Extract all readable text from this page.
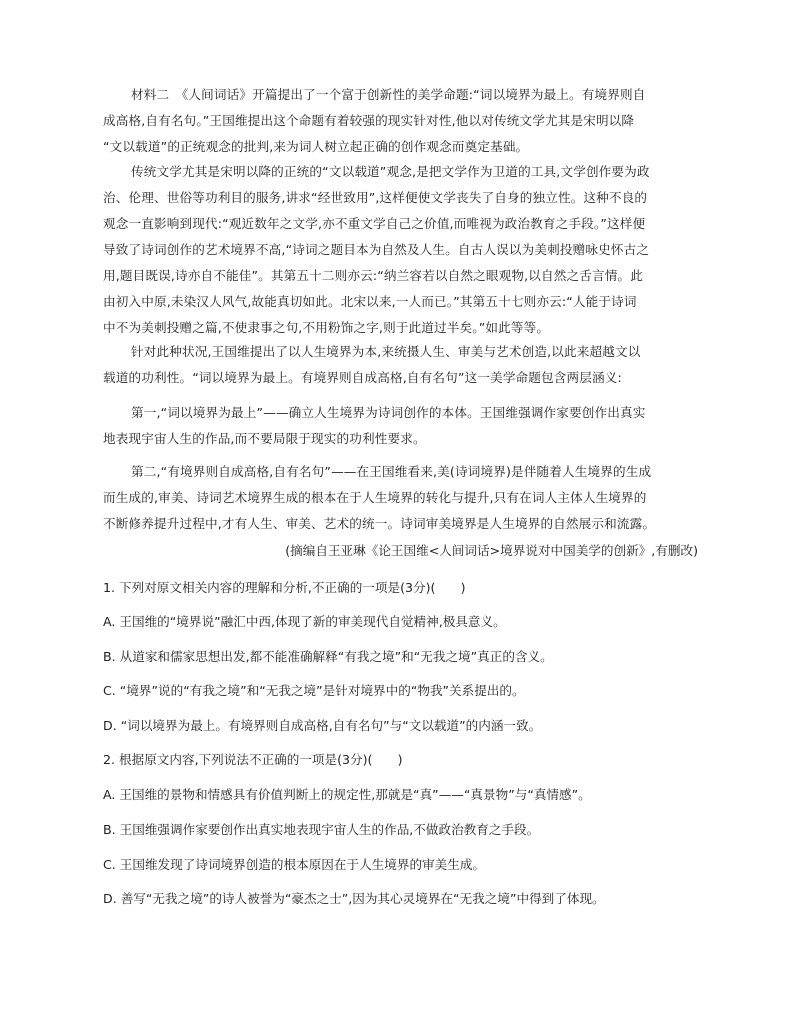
材料二　《人间词话》开篇提出了一个富于创新性的美学命题:“词以境界为最上。有境界则自
成高格,自有名句。”王国维提出这个命题有着较强的现实针对性,他以对传统文学尤其是宋明以降
“文以载道”的正统观念的批判,来为词人树立起正确的创作观念而奠定基础。
传统文学尤其是宋明以降的正统的“文以载道”观念,是把文学作为卫道的工具,文学创作要为政
治、伦理、世俗等功利目的服务,讲求“经世致用”,这样便使文学丧失了自身的独立性。这种不良的
观念一直影响到现代:“观近数年之文学,亦不重文学自己之价值,而唯视为政治教育之手段。”这样便
导致了诗词创作的艺术境界不高,“诗词之题目本为自然及人生。自古人误以为美刺投赠咏史怀古之
用,题目既误,诗亦自不能佳”。其第五十二则亦云:“纳兰容若以自然之眼观物,以自然之舌言情。此
由初入中原,未染汉人风气,故能真切如此。北宋以来,一人而已。”其第五十七则亦云:“人能于诗词
中不为美刺投赠之篇,不使隶事之句,不用粉饰之字,则于此道过半矣。”如此等等。
针对此种状况,王国维提出了以人生境界为本,来统摄人生、审美与艺术创造,以此来超越文以
载道的功利性。“词以境界为最上。有境界则自成高格,自有名句”这一美学命题包含两层涵义:
第一,“词以境界为最上”——确立人生境界为诗词创作的本体。王国维强调作家要创作出真实
地表现宇宙人生的作品,而不要局限于现实的功利性要求。
第二,“有境界则自成高格,自有名句”——在王国维看来,美(诗词境界)是伴随着人生境界的生成
而生成的,审美、诗词艺术境界生成的根本在于人生境界的转化与提升,只有在词人主体人生境界的
不断修养提升过程中,才有人生、审美、艺术的统一。诗词审美境界是人生境界的自然展示和流露。
(摘编自王亚琳《论王国维<人间词话>境界说对中国美学的创新》,有删改)
1. 下列对原文相关内容的理解和分析,不正确的一项是(3分)(　　)
A. 王国维的“境界说”融汇中西,体现了新的审美现代自觉精神,极具意义。
B. 从道家和儒家思想出发,都不能准确解释“有我之境”和“无我之境”真正的含义。
C. “境界”说的“有我之境”和“无我之境”是针对境界中的“物我”关系提出的。
D. “词以境界为最上。有境界则自成高格,自有名句”与“文以载道”的内涵一致。
2. 根据原文内容,下列说法不正确的一项是(3分)(　　)
A. 王国维的景物和情感具有价值判断上的规定性,那就是“真”——“真景物”与“真情感”。
B. 王国维强调作家要创作出真实地表现宇宙人生的作品,不做政治教育之手段。
C. 王国维发现了诗词境界创造的根本原因在于人生境界的审美生成。
D. 善写“无我之境”的诗人被誉为“豪杰之士”,因为其心灵境界在“无我之境”中得到了体现。
